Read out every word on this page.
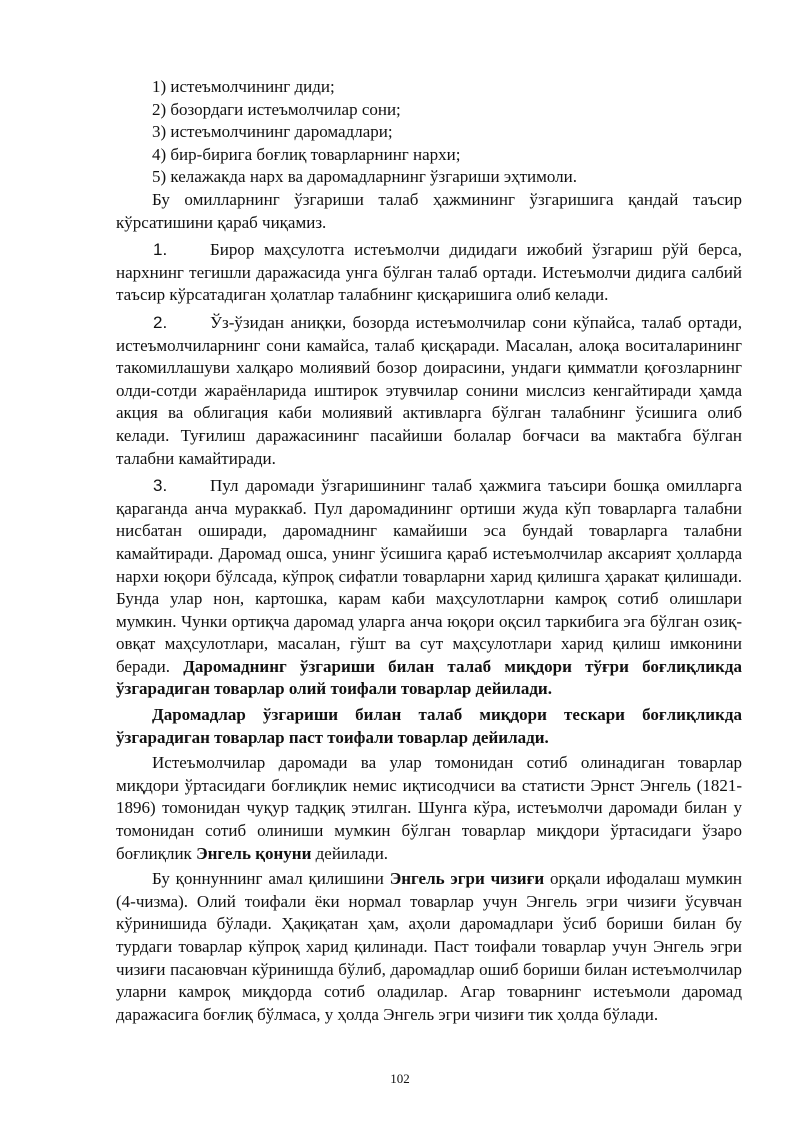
1) истеъмолчининг диди;
2) бозордаги истеъмолчилар сони;
3) истеъмолчининг даромадлари;
4) бир-бирига боғлиқ товарларнинг нархи;
5) келажакда нарх ва даромадларнинг ўзгариши эҳтимоли.

Бу омилларнинг ўзгариши талаб ҳажмининг ўзгаришига қандай таъсир кўрсатишини қараб чиқамиз.

1.	Бирор маҳсулотга истеъмолчи дидидаги ижобий ўзгариш рўй берса, нархнинг тегишли даражасида унга бўлган талаб ортади. Истеъмолчи дидига салбий таъсир кўрсатадиган ҳолатлар талабнинг қисқаришига олиб келади.

2.	Ўз-ўзидан аниқки, бозорда истеъмолчилар сони кўпайса, талаб ортади, истеъмолчиларнинг сони камайса, талаб қисқаради. Масалан, алоқа воситаларининг такомиллашуви халқаро молиявий бозор доирасини, ундаги қимматли қоғозларнинг олди-сотди жараёнларида иштирок этувчилар сонини мислсиз кенгайтиради ҳамда акция ва облигация каби молиявий активларга бўлган талабнинг ўсишига олиб келади. Туғилиш даражасининг пасайиши болалар боғчаси ва мактабга бўлган талабни камайтиради.

3.	Пул даромади ўзгаришининг талаб ҳажмига таъсири бошқа омилларга қараганда анча мураккаб. Пул даромадининг ортиши жуда кўп товарларга талабни нисбатан оширади, даромаднинг камайиши эса бундай товарларга талабни камайтиради. Даромад ошса, унинг ўсишига қараб истеъмолчилар аксарият ҳолларда нархи юқори бўлсада, кўпроқ сифатли товарларни харид қилишга ҳаракат қилишади. Бунда улар нон, картошка, карам каби маҳсулотларни камроқ сотиб олишлари мумкин. Чунки ортиқча даромад уларга анча юқори оқсил таркибига эга бўлган озиқ-овқат маҳсулотлари, масалан, гўшт ва сут маҳсулотлари харид қилиш имконини беради. Даромаднинг ўзгариши билан талаб миқдори тўғри боғлиқликда ўзгарадиган товарлар олий тоифали товарлар дейилади.

Даромадлар ўзгариши билан талаб миқдори тескари боғлиқликда ўзгарадиган товарлар паст тоифали товарлар дейилади.

Истеъмолчилар даромади ва улар томонидан сотиб олинадиган товарлар миқдори ўртасидаги боғлиқлик немис иқтисодчиси ва статисти Эрнст Энгель (1821-1896) томонидан чуқур тадқиқ этилган. Шунга кўра, истеъмолчи даромади билан у томонидан сотиб олиниши мумкин бўлган товарлар миқдори ўртасидаги ўзаро боғлиқлик Энгель қонуни дейилади.

Бу қоннуннинг амал қилишини Энгель эгри чизиғи орқали ифодалаш мумкин (4-чизма). Олий тоифали ёки нормал товарлар учун Энгель эгри чизиғи ўсувчан кўринишида бўлади. Ҳақиқатан ҳам, аҳоли даромадлари ўсиб бориши билан бу турдаги товарлар кўпроқ харид қилинади. Паст тоифали товарлар учун Энгель эгри чизиғи пасаювчан кўринишда бўлиб, даромадлар ошиб бориши билан истеъмолчилар уларни камроқ миқдорда сотиб оладилар. Агар товарнинг истеъмоли даромад даражасига боғлиқ бўлмаса, у ҳолда Энгель эгри чизиғи тик ҳолда бўлади.

102
